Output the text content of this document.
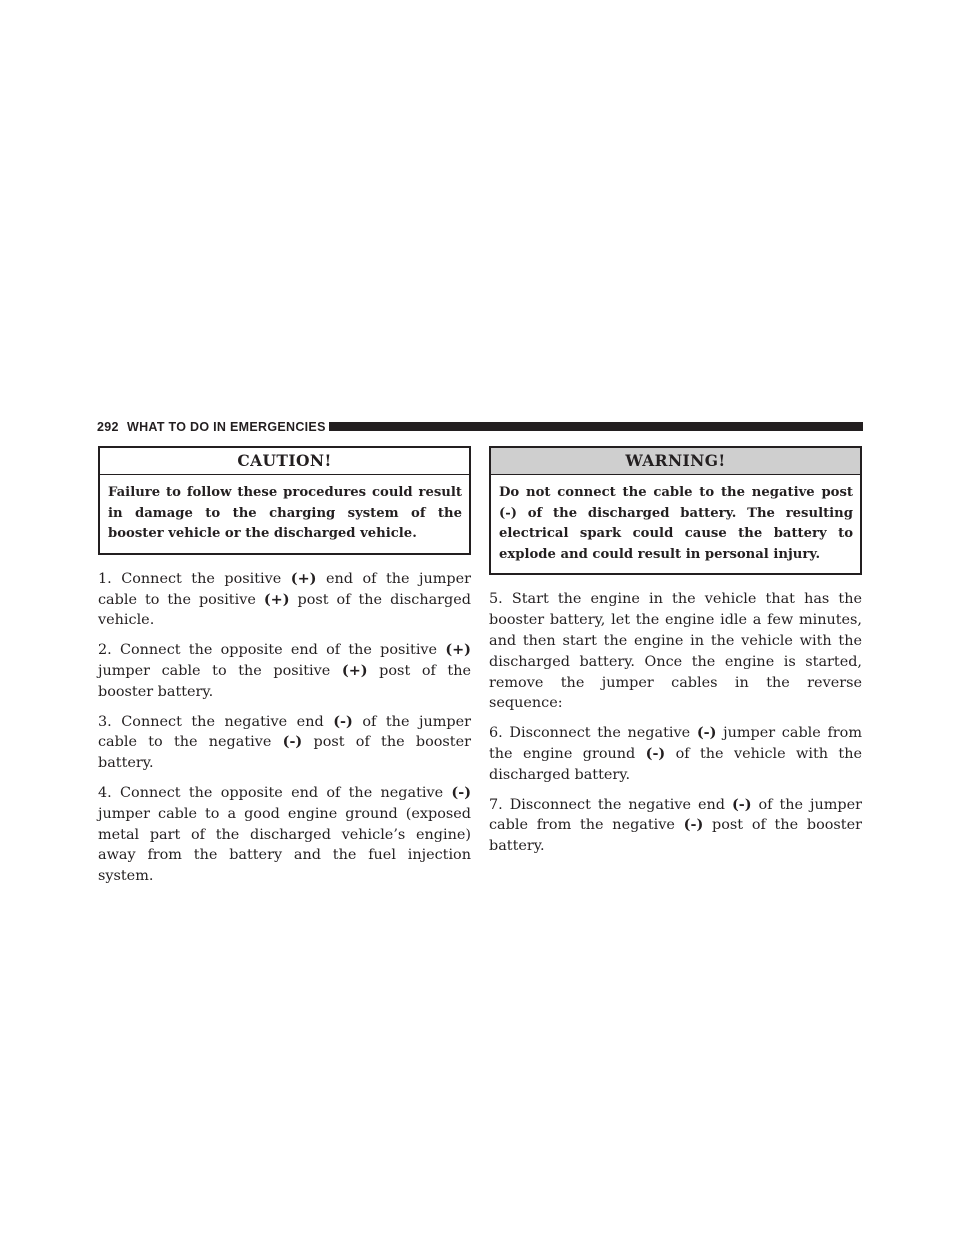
292 WHAT TO DO IN EMERGENCIES
CAUTION!
Failure to follow these procedures could result in damage to the charging system of the booster vehicle or the discharged vehicle.

1. Connect the positive (+) end of the jumper cable to the positive (+) post of the discharged vehicle.

2. Connect the opposite end of the positive (+) jumper cable to the positive (+) post of the booster battery.

3. Connect the negative end (-) of the jumper cable to the negative (-) post of the booster battery.

4. Connect the opposite end of the negative (-) jumper cable to a good engine ground (exposed metal part of the discharged vehicle’s engine) away from the battery and the fuel injection system.

WARNING!
Do not connect the cable to the negative post (-) of the discharged battery. The resulting electrical spark could cause the battery to explode and could result in personal injury.

5. Start the engine in the vehicle that has the booster battery, let the engine idle a few minutes, and then start the engine in the vehicle with the discharged battery. Once the engine is started, remove the jumper cables in the reverse sequence:

6. Disconnect the negative (-) jumper cable from the engine ground (-) of the vehicle with the discharged battery.

7. Disconnect the negative end (-) of the jumper cable from the negative (-) post of the booster battery.
